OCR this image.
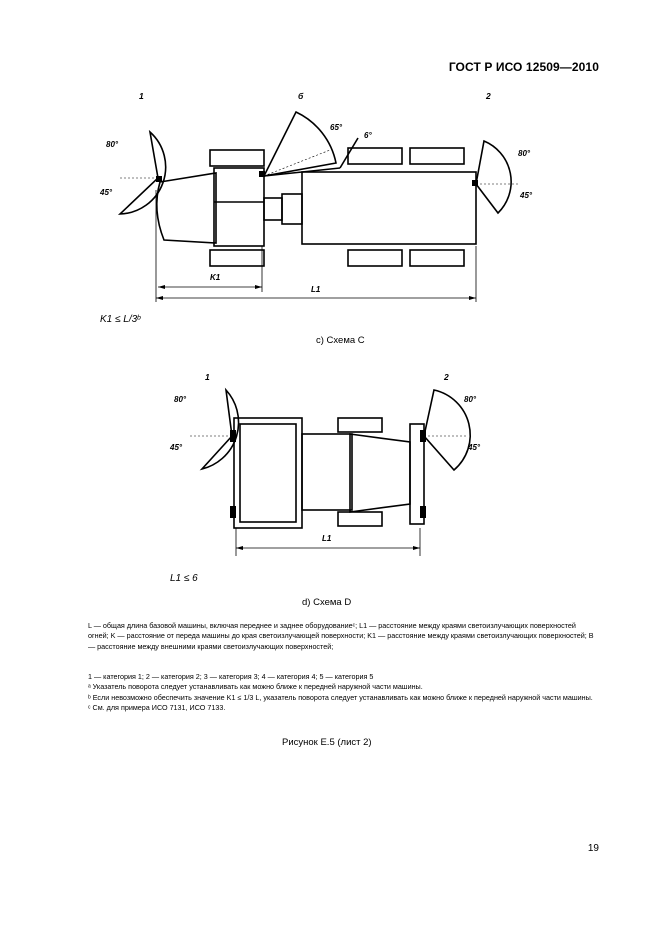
ГОСТ Р ИСО 12509—2010
1	б	2
80°
45°
65°
6°
80°
45°
K1
L1
K1 ≤ L/3ᵇ
c) Схема С
1	2
80°
45°
80°
45°
L1
L1 ≤ 6
d) Схема D

L — общая длина базовой машины, включая переднее и заднее оборудованиеᶜ; L1 — расстояние между краями светоизлучающих поверхностей огней; K — расстояние от переда машины до края светоизлучающей поверхности; K1 — расстояние между краями светоизлучающих поверхностей; B — расстояние между внешними краями светоизлучающих поверхностей;

1 — категория 1; 2 — категория 2; 3 — категория 3; 4 — категория 4; 5 — категория 5

ᵃ Указатель поворота следует устанавливать как можно ближе к передней наружной части машины.

ᵇ Если невозможно обеспечить значение K1 ≤ 1/3 L, указатель поворота следует устанавливать как можно ближе к передней наружной части машины.

ᶜ См. для примера ИСО 7131, ИСО 7133.

Рисунок Е.5 (лист 2)
19
